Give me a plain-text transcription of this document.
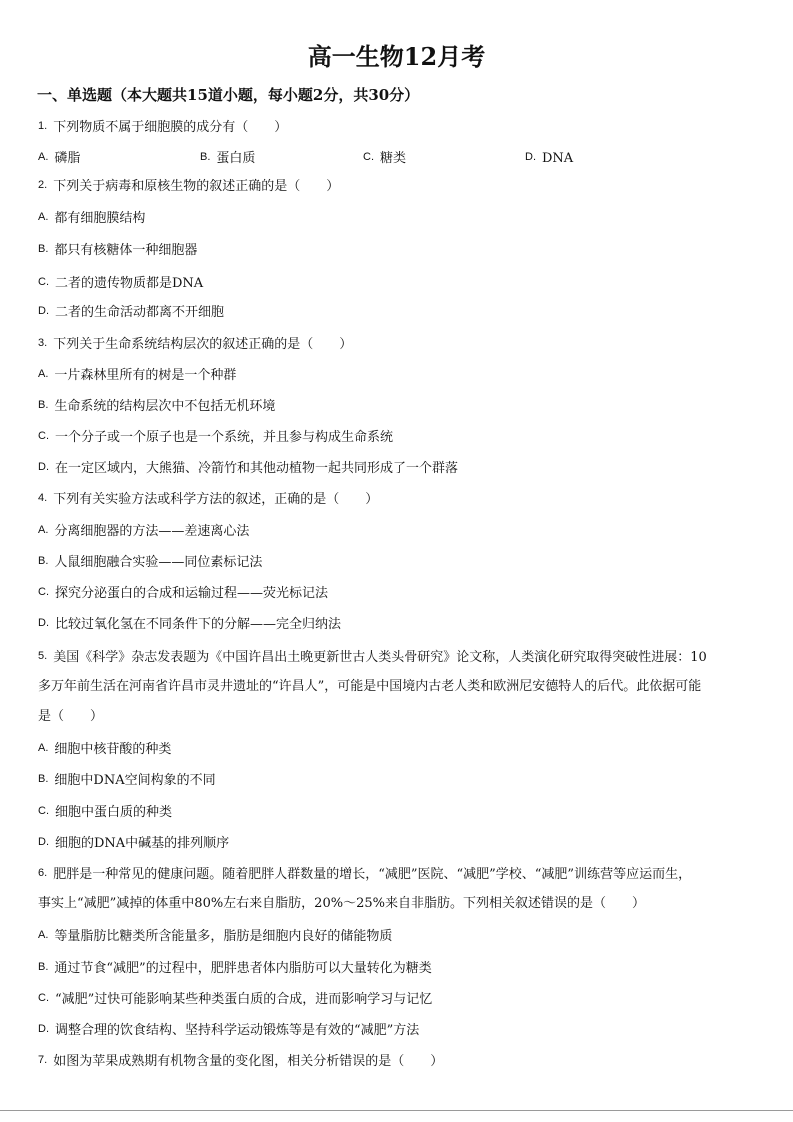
高一生物12月考
一、单选题（本大题共15道小题，每小题2分，共30分）
1. 下列物质不属于细胞膜的成分有（　　）
A. 磷脂	B. 蛋白质	C. 糖类	D. DNA
2. 下列关于病毒和原核生物的叙述正确的是（　　）
A. 都有细胞膜结构
B. 都只有核糖体一种细胞器
C. 二者的遗传物质都是DNA
D. 二者的生命活动都离不开细胞
3. 下列关于生命系统结构层次的叙述正确的是（　　）
A. 一片森林里所有的树是一个种群
B. 生命系统的结构层次中不包括无机环境
C. 一个分子或一个原子也是一个系统，并且参与构成生命系统
D. 在一定区域内，大熊猫、冷箭竹和其他动植物一起共同形成了一个群落
4. 下列有关实验方法或科学方法的叙述，正确的是（　　）
A. 分离细胞器的方法——差速离心法
B. 人鼠细胞融合实验——同位素标记法
C. 探究分泌蛋白的合成和运输过程——荧光标记法
D. 比较过氧化氢在不同条件下的分解——完全归纳法
5. 美国《科学》杂志发表题为《中国许昌出土晚更新世古人类头骨研究》论文称，人类演化研究取得突破性进展：10
多万年前生活在河南省许昌市灵井遗址的“许昌人”，可能是中国境内古老人类和欧洲尼安德特人的后代。此依据可能
是（　　）
A. 细胞中核苷酸的种类
B. 细胞中DNA空间构象的不同
C. 细胞中蛋白质的种类
D. 细胞的DNA中碱基的排列顺序
6. 肥胖是一种常见的健康问题。随着肥胖人群数量的增长，“减肥”医院、“减肥”学校、“减肥”训练营等应运而生，
事实上“减肥”减掉的体重中80%左右来自脂肪，20%～25%来自非脂肪。下列相关叙述错误的是（　　）
A. 等量脂肪比糖类所含能量多，脂肪是细胞内良好的储能物质
B. 通过节食“减肥”的过程中，肥胖患者体内脂肪可以大量转化为糖类
C. “减肥”过快可能影响某些种类蛋白质的合成，进而影响学习与记忆
D. 调整合理的饮食结构、坚持科学运动锻炼等是有效的“减肥”方法
7. 如图为苹果成熟期有机物含量的变化图，相关分析错误的是（　　）
